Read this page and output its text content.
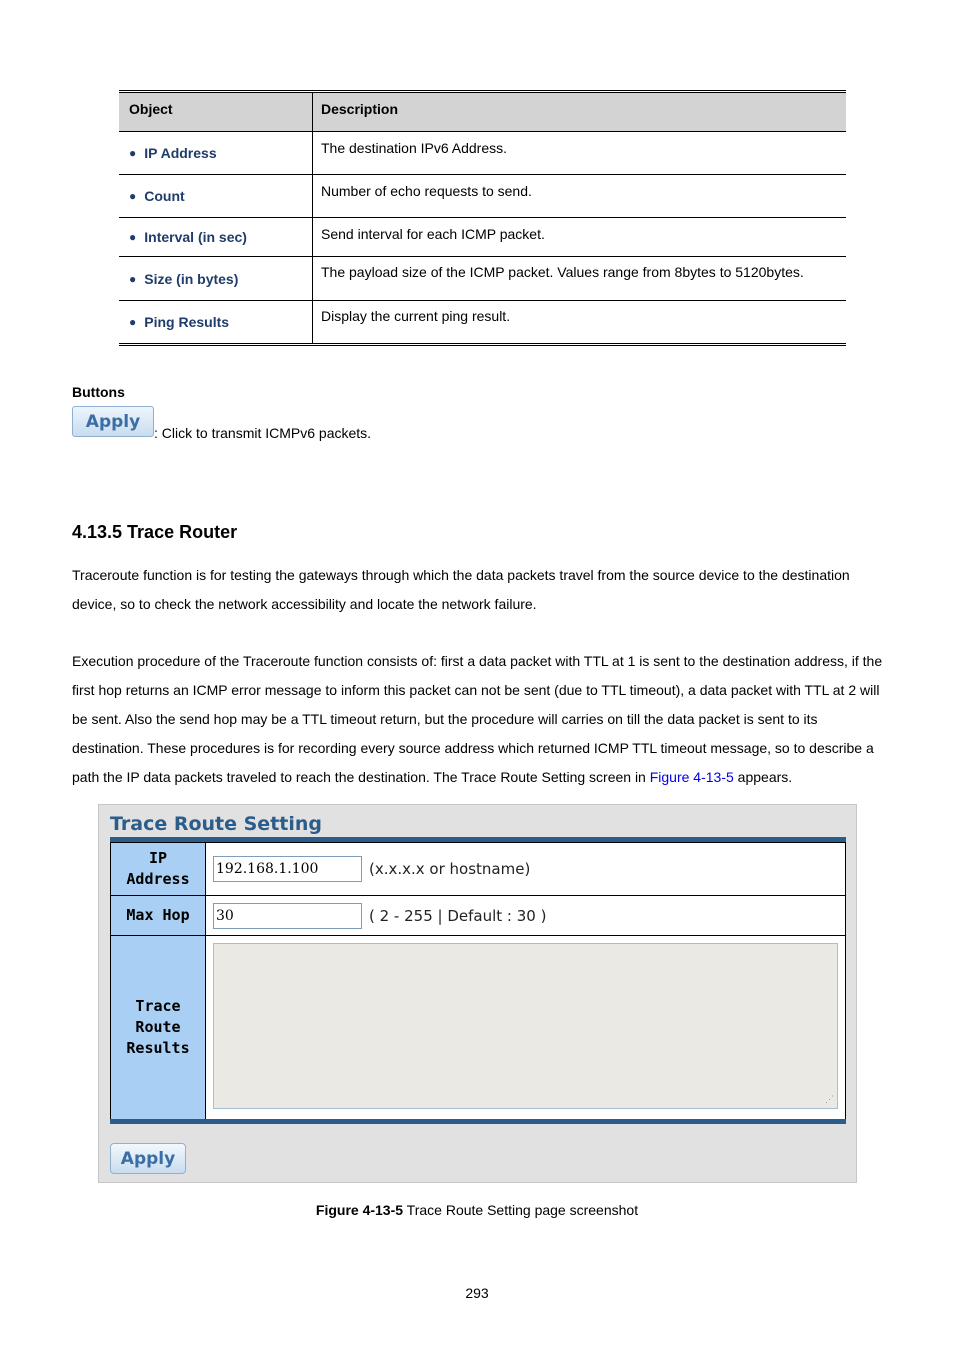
Object	Description
● IP Address	The destination IPv6 Address.
● Count	Number of echo requests to send.
● Interval (in sec)	Send interval for each ICMP packet.
● Size (in bytes)	The payload size of the ICMP packet. Values range from 8bytes to 5120bytes.
● Ping Results	Display the current ping result.
Buttons
Apply
: Click to transmit ICMPv6 packets.
4.13.5 Trace Router
Traceroute function is for testing the gateways through which the data packets travel from the source device to the destination device, so to check the network accessibility and locate the network failure.
Execution procedure of the Traceroute function consists of: first a data packet with TTL at 1 is sent to the destination address, if the first hop returns an ICMP error message to inform this packet can not be sent (due to TTL timeout), a data packet with TTL at 2 will be sent. Also the send hop may be a TTL timeout return, but the procedure will carries on till the data packet is sent to its destination. These procedures is for recording every source address which returned ICMP TTL timeout message, so to describe a path the IP data packets traveled to reach the destination. The Trace Route Setting screen in Figure 4-13-5 appears.
Trace Route Setting
IP
Address
192.168.1.100	(x.x.x.x or hostname)
Max Hop	30	( 2 - 255 | Default : 30 )
Trace
Route
Results
⋰
Apply
Figure 4-13-5 Trace Route Setting page screenshot
293
